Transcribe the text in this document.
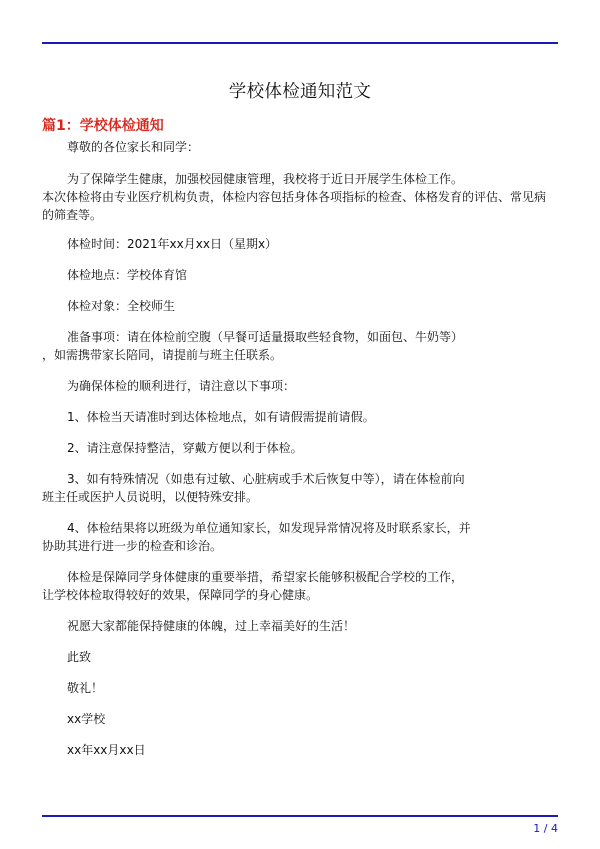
学校体检通知范文
篇1：学校体检通知
尊敬的各位家长和同学：
为了保障学生健康，加强校园健康管理，我校将于近日开展学生体检工作。
本次体检将由专业医疗机构负责，体检内容包括身体各项指标的检查、体格发育的评估、常见病
的筛查等。
体检时间：2021年xx月xx日（星期x）
体检地点：学校体育馆
体检对象：全校师生
准备事项：请在体检前空腹（早餐可适量摄取些轻食物，如面包、牛奶等）
，如需携带家长陪同，请提前与班主任联系。
为确保体检的顺利进行，请注意以下事项：
1、体检当天请准时到达体检地点，如有请假需提前请假。
2、请注意保持整洁，穿戴方便以利于体检。
3、如有特殊情况（如患有过敏、心脏病或手术后恢复中等），请在体检前向
班主任或医护人员说明，以便特殊安排。
4、体检结果将以班级为单位通知家长，如发现异常情况将及时联系家长，并
协助其进行进一步的检查和诊治。
体检是保障同学身体健康的重要举措，希望家长能够积极配合学校的工作，
让学校体检取得较好的效果，保障同学的身心健康。
祝愿大家都能保持健康的体魄，过上幸福美好的生活！
此致
敬礼！
xx学校
xx年xx月xx日
1 / 4
